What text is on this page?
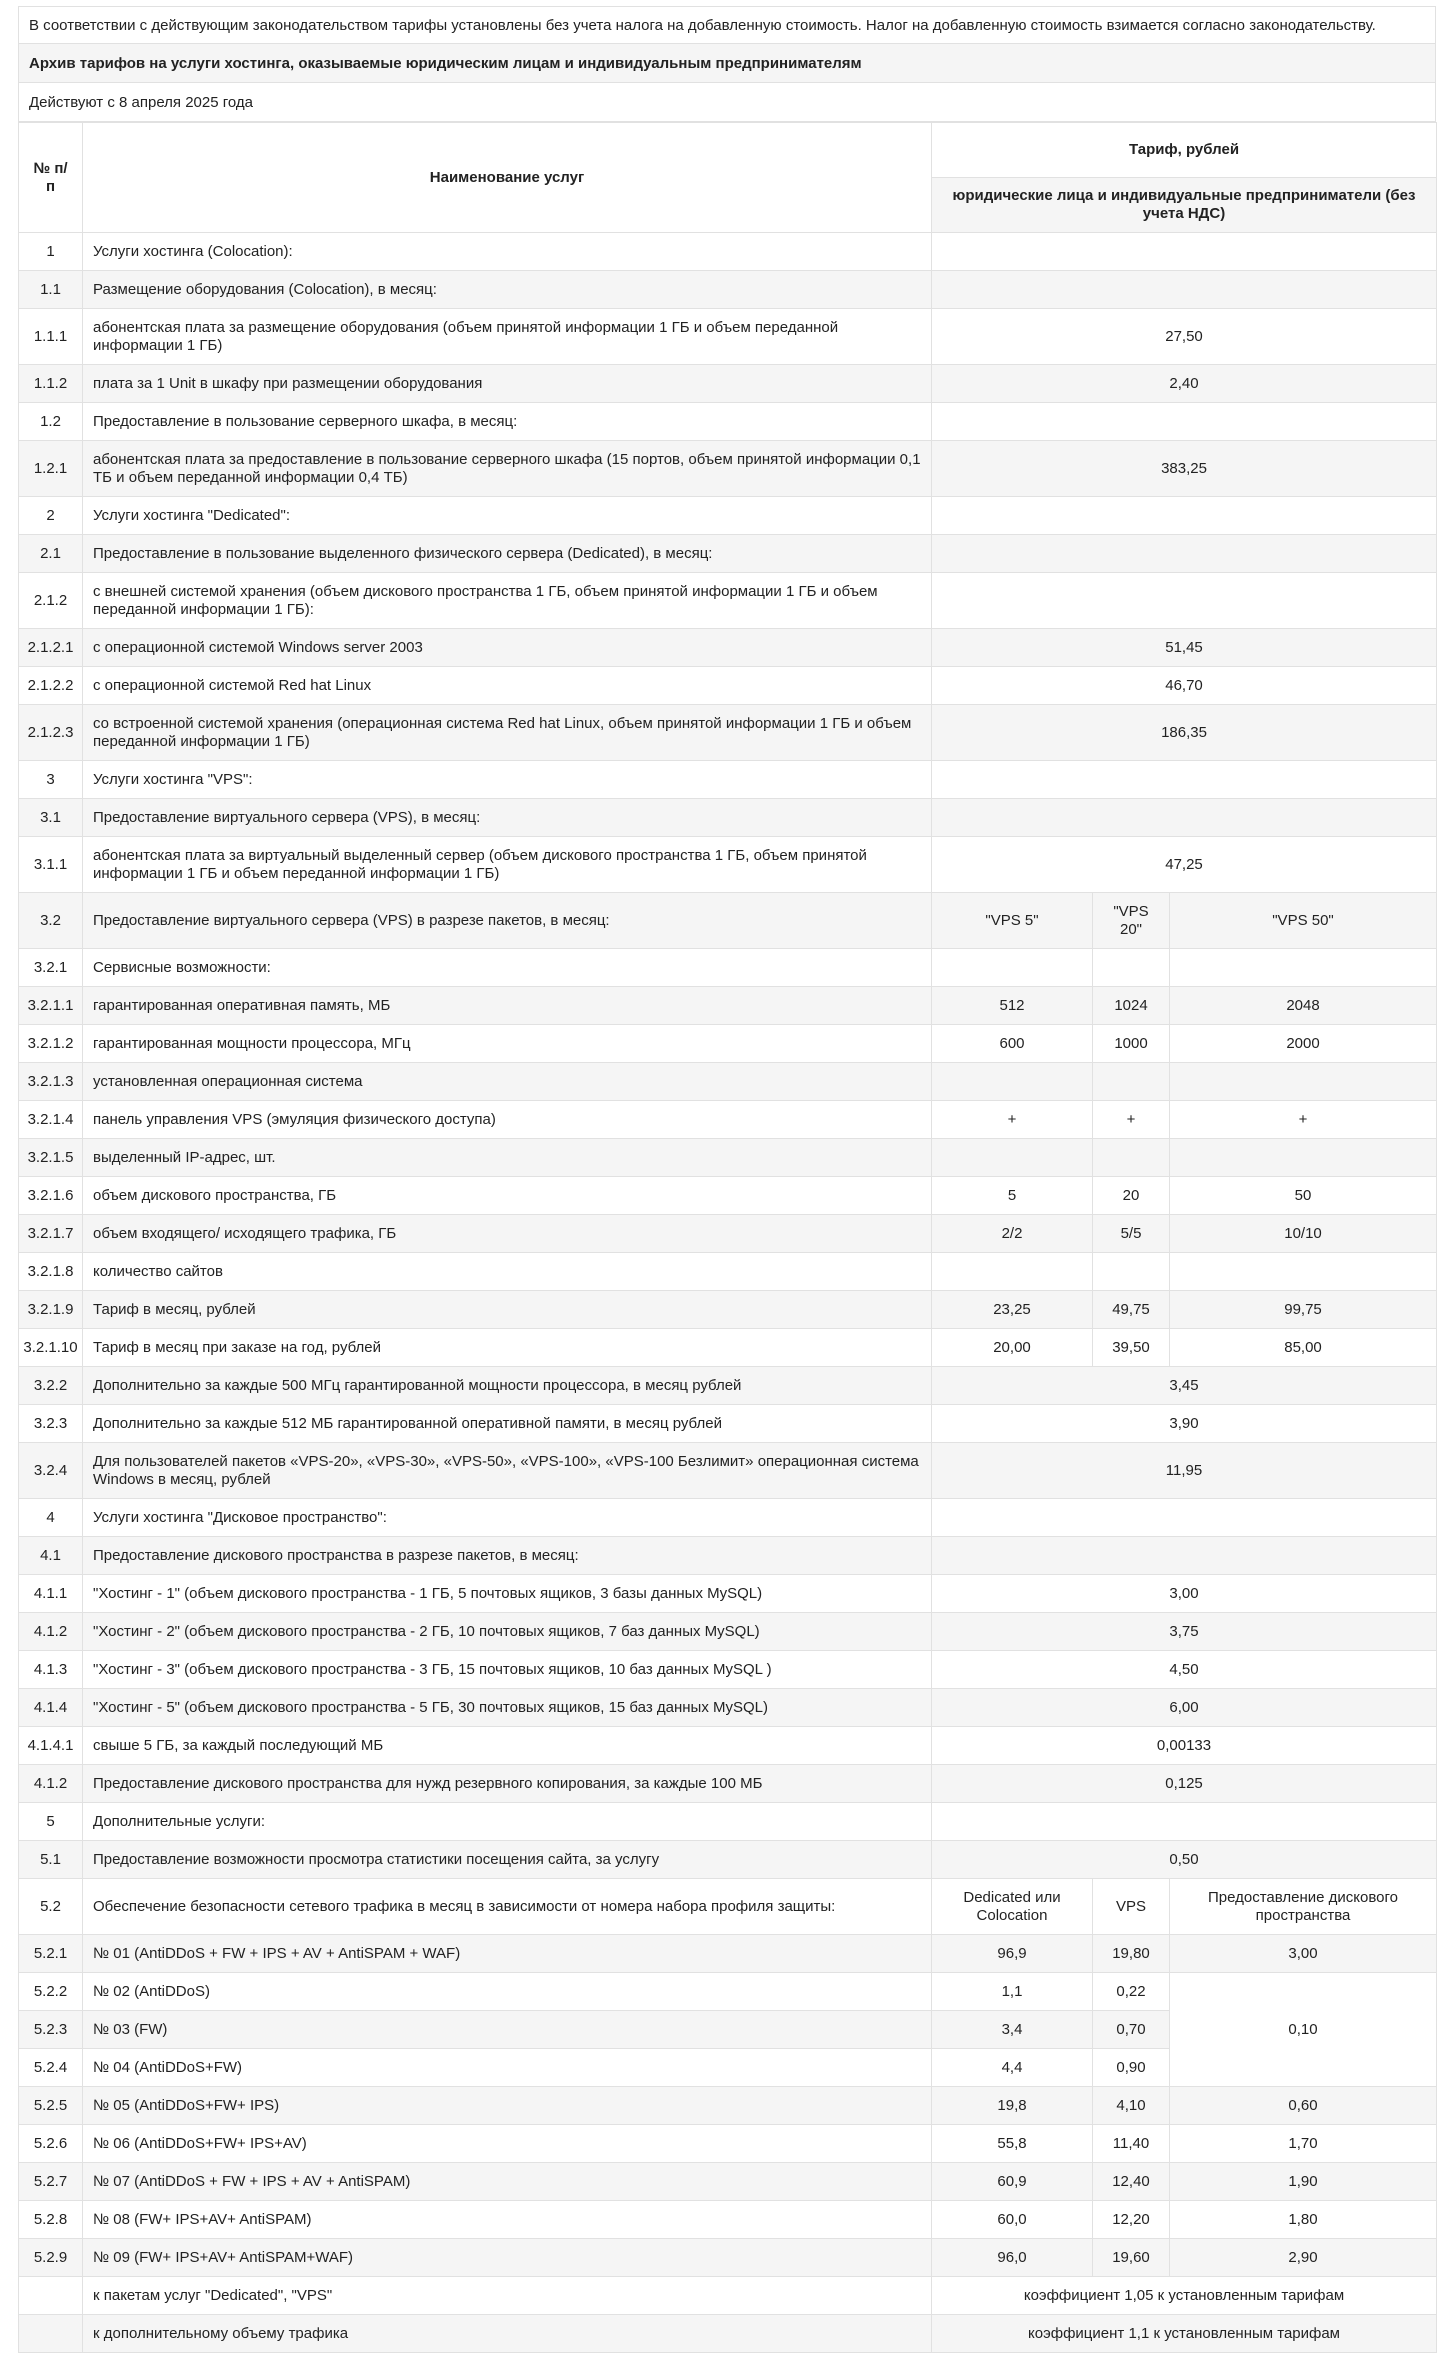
В соответствии с действующим законодательством тарифы установлены без учета налога на добавленную стоимость. Налог на добавленную стоимость взимается согласно законодательству.
Архив тарифов на услуги хостинга, оказываемые юридическим лицам и индивидуальным предпринимателям
Действуют с 8 апреля 2025 года
№ п/п	Наименование услуг	Тариф, рублей		
		юридические лица и индивидуальные предприниматели (без учета НДС)		
1	Услуги хостинга (Colocation):			
1.1	Размещение оборудования (Colocation), в месяц:			
1.1.1	абонентская плата за размещение оборудования (объем принятой информации 1 ГБ и объем переданной информации 1 ГБ)	27,50		
1.1.2	плата за 1 Unit в шкафу при размещении оборудования	2,40		
1.2	Предоставление в пользование серверного шкафа, в месяц:			
1.2.1	абонентская плата за предоставление в пользование серверного шкафа (15 портов, объем принятой информации 0,1 ТБ и объем переданной информации 0,4 ТБ)	383,25		
2	Услуги хостинга "Dedicated":			
2.1	Предоставление в пользование выделенного физического сервера (Dedicated), в месяц:			
2.1.2	с внешней системой хранения (объем дискового пространства 1 ГБ, объем принятой информации 1 ГБ и объем переданной информации 1 ГБ):			
2.1.2.1	с операционной системой Windows server 2003	51,45		
2.1.2.2	с операционной системой Red hat Linux	46,70		
2.1.2.3	со встроенной системой хранения (операционная система Red hat Linux, объем принятой информации 1 ГБ и объем переданной информации 1 ГБ)	186,35		
3	Услуги хостинга "VPS":			
3.1	Предоставление виртуального сервера (VPS), в месяц:			
3.1.1	абонентская плата за виртуальный выделенный сервер (объем дискового пространства 1 ГБ, объем принятой информации 1 ГБ и объем переданной информации 1 ГБ)	47,25		
3.2	Предоставление виртуального сервера (VPS) в разрезе пакетов, в месяц:	"VPS 5"	"VPS 20"	"VPS 50"
3.2.1	Сервисные возможности:			
3.2.1.1	гарантированная оперативная память, МБ	512	1024	2048
3.2.1.2	гарантированная мощности процессора, МГц	600	1000	2000
3.2.1.3	установленная операционная система			
3.2.1.4	панель управления VPS (эмуляция физического доступа)	+	+	+
3.2.1.5	выделенный IP-адрес, шт.			
3.2.1.6	объем дискового пространства, ГБ	5	20	50
3.2.1.7	объем входящего/ исходящего трафика, ГБ	2/2	5/5	10/10
3.2.1.8	количество сайтов			
3.2.1.9	Тариф в месяц, рублей	23,25	49,75	99,75
3.2.1.10	Тариф в месяц при заказе на год, рублей	20,00	39,50	85,00
3.2.2	Дополнительно за каждые 500 МГц гарантированной мощности процессора, в месяц рублей	3,45		
3.2.3	Дополнительно за каждые 512 МБ гарантированной оперативной памяти, в месяц рублей	3,90		
3.2.4	Для пользователей пакетов «VPS-20», «VPS-30», «VPS-50», «VPS-100», «VPS-100 Безлимит» операционная система Windows в месяц, рублей	11,95		
4	Услуги хостинга "Дисковое пространство":			
4.1	Предоставление дискового пространства в разрезе пакетов, в месяц:			
4.1.1	"Хостинг - 1" (объем дискового пространства - 1 ГБ, 5 почтовых ящиков, 3 базы данных MySQL)	3,00		
4.1.2	"Хостинг - 2" (объем дискового пространства - 2 ГБ, 10 почтовых ящиков, 7 баз данных MySQL)	3,75		
4.1.3	"Хостинг - 3" (объем дискового пространства - 3 ГБ, 15 почтовых ящиков, 10 баз данных MySQL )	4,50		
4.1.4	"Хостинг - 5" (объем дискового пространства - 5 ГБ, 30 почтовых ящиков, 15 баз данных MySQL)	6,00		
4.1.4.1	свыше 5 ГБ, за каждый последующий МБ	0,00133		
4.1.2	Предоставление дискового пространства для нужд резервного копирования, за каждые 100 МБ	0,125		
5	Дополнительные услуги:			
5.1	Предоставление возможности просмотра статистики посещения сайта, за услугу	0,50		
5.2	Обеспечение безопасности сетевого трафика в месяц в зависимости от номера набора профиля защиты:	Dedicated или Colocation	VPS	Предоставление дискового пространства
5.2.1	№ 01 (AntiDDoS + FW + IPS + AV + AntiSPAM + WAF)	96,9	19,80	3,00
5.2.2	№ 02 (AntiDDoS)	1,1	0,22	0,10
5.2.3	№ 03 (FW)	3,4	0,70	
5.2.4	№ 04 (AntiDDoS+FW)	4,4	0,90	
5.2.5	№ 05 (AntiDDoS+FW+ IPS)	19,8	4,10	0,60
5.2.6	№ 06 (AntiDDoS+FW+ IPS+AV)	55,8	11,40	1,70
5.2.7	№ 07 (AntiDDoS + FW + IPS + AV + AntiSPAM)	60,9	12,40	1,90
5.2.8	№ 08 (FW+ IPS+AV+ AntiSPAM)	60,0	12,20	1,80
5.2.9	№ 09 (FW+ IPS+AV+ AntiSPAM+WAF)	96,0	19,60	2,90
	к пакетам услуг "Dedicated", "VPS"	коэффициент 1,05 к установленным тарифам		
	к дополнительному объему трафика	коэффициент 1,1 к установленным тарифам		
